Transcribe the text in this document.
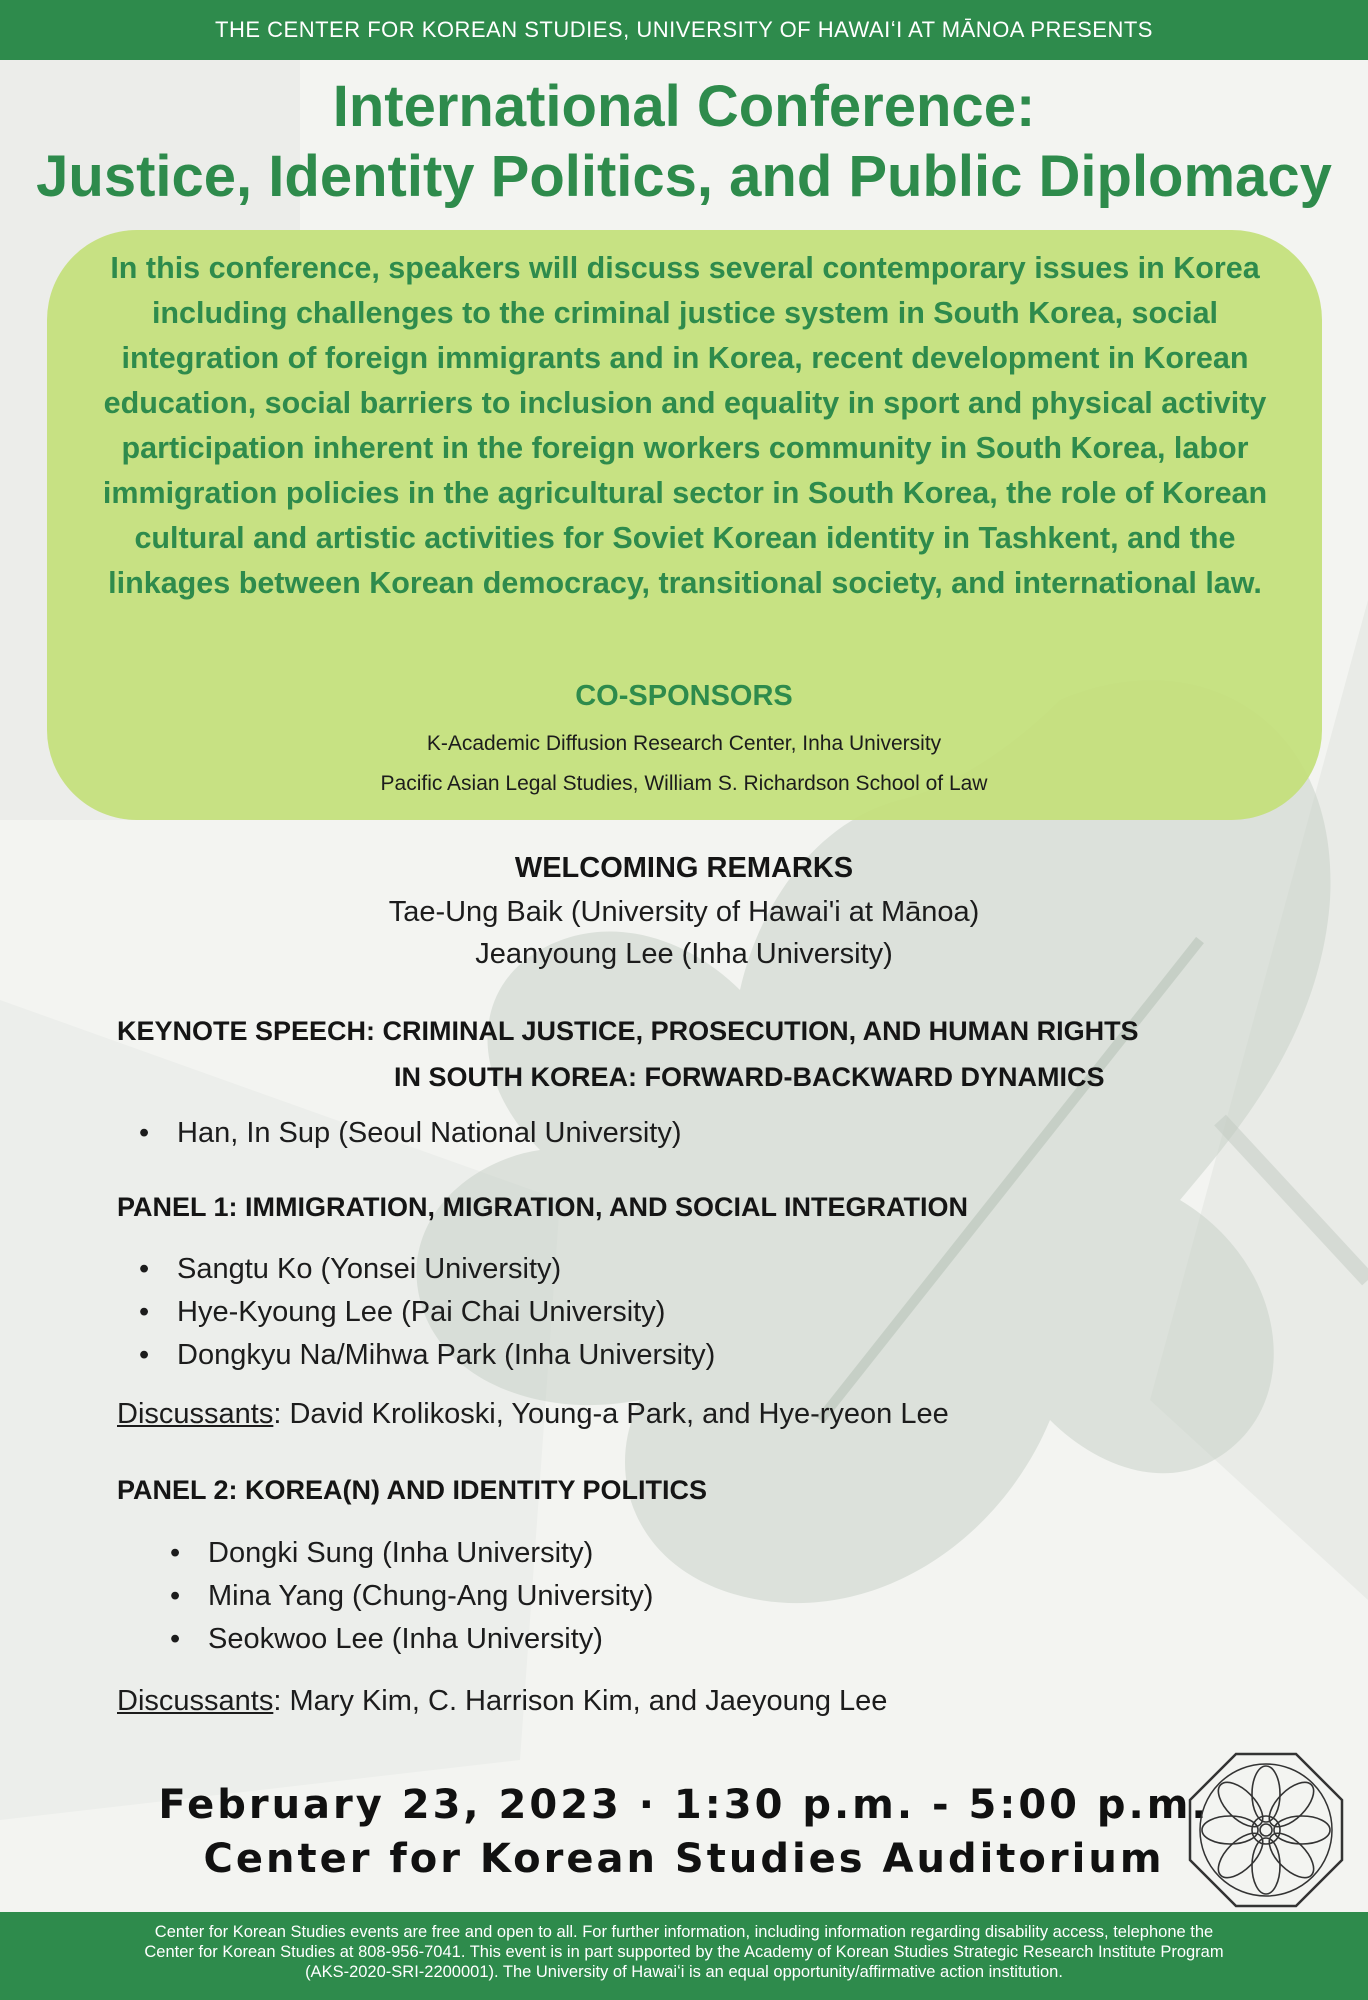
THE CENTER FOR KOREAN STUDIES, UNIVERSITY OF HAWAIʻI AT MĀNOA PRESENTS
International Conference:
Justice, Identity Politics, and Public Diplomacy
In this conference, speakers will discuss several contemporary issues in Korea including challenges to the criminal justice system in South Korea, social integration of foreign immigrants and in Korea, recent development in Korean education, social barriers to inclusion and equality in sport and physical activity participation inherent in the foreign workers community in South Korea, labor immigration policies in the agricultural sector in South Korea, the role of Korean cultural and artistic activities for Soviet Korean identity in Tashkent, and the linkages between Korean democracy, transitional society, and international law.
CO-SPONSORS
K-Academic Diffusion Research Center, Inha University
Pacific Asian Legal Studies, William S. Richardson School of Law
WELCOMING REMARKS
Tae-Ung Baik (University of Hawai'i at Mānoa)
Jeanyoung Lee (Inha University)
KEYNOTE SPEECH: CRIMINAL JUSTICE, PROSECUTION, AND HUMAN RIGHTS
IN SOUTH KOREA: FORWARD-BACKWARD DYNAMICS
• Han, In Sup (Seoul National University)
PANEL 1: IMMIGRATION, MIGRATION, AND SOCIAL INTEGRATION
• Sangtu Ko (Yonsei University)
• Hye-Kyoung Lee (Pai Chai University)
• Dongkyu Na/Mihwa Park (Inha University)
Discussants: David Krolikoski, Young-a Park, and Hye-ryeon Lee
PANEL 2: KOREA(N) AND IDENTITY POLITICS
• Dongki Sung (Inha University)
• Mina Yang (Chung-Ang University)
• Seokwoo Lee (Inha University)
Discussants: Mary Kim, C. Harrison Kim, and Jaeyoung Lee
February 23, 2023 · 1:30 p.m. - 5:00 p.m.
Center for Korean Studies Auditorium
Center for Korean Studies events are free and open to all. For further information, including information regarding disability access, telephone the
Center for Korean Studies at 808-956-7041. This event is in part supported by the Academy of Korean Studies Strategic Research Institute Program
(AKS-2020-SRI-2200001). The University of Hawaiʻi is an equal opportunity/affirmative action institution.
